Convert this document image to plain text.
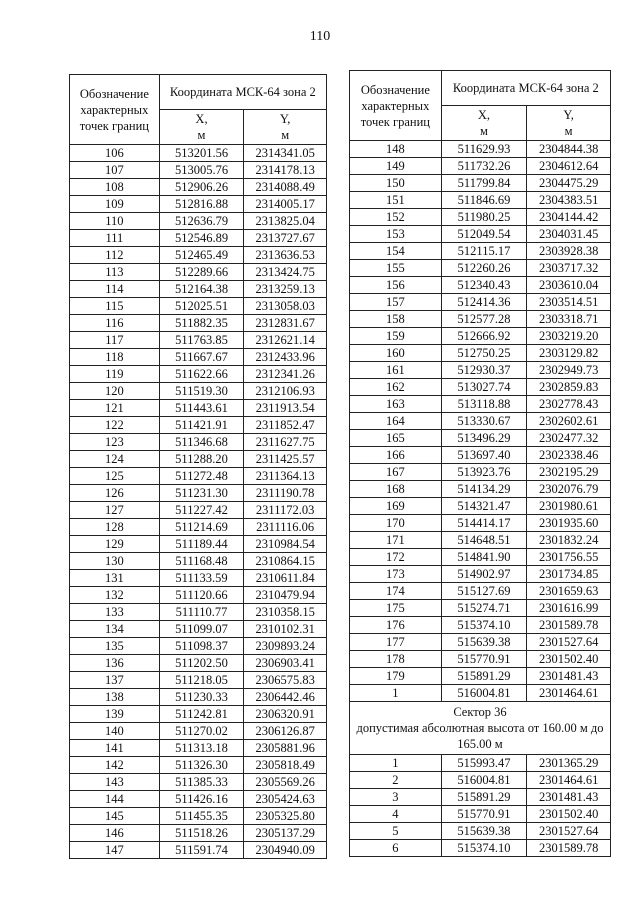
110
Обозначение характерных точек границ	Координата МСК-64 зона 2	
	X,
м	Y,
м
106	513201.56	2314341.05
107	513005.76	2314178.13
108	512906.26	2314088.49
109	512816.88	2314005.17
110	512636.79	2313825.04
111	512546.89	2313727.67
112	512465.49	2313636.53
113	512289.66	2313424.75
114	512164.38	2313259.13
115	512025.51	2313058.03
116	511882.35	2312831.67
117	511763.85	2312621.14
118	511667.67	2312433.96
119	511622.66	2312341.26
120	511519.30	2312106.93
121	511443.61	2311913.54
122	511421.91	2311852.47
123	511346.68	2311627.75
124	511288.20	2311425.57
125	511272.48	2311364.13
126	511231.30	2311190.78
127	511227.42	2311172.03
128	511214.69	2311116.06
129	511189.44	2310984.54
130	511168.48	2310864.15
131	511133.59	2310611.84
132	511120.66	2310479.94
133	511110.77	2310358.15
134	511099.07	2310102.31
135	511098.37	2309893.24
136	511202.50	2306903.41
137	511218.05	2306575.83
138	511230.33	2306442.46
139	511242.81	2306320.91
140	511270.02	2306126.87
141	511313.18	2305881.96
142	511326.30	2305818.49
143	511385.33	2305569.26
144	511426.16	2305424.63
145	511455.35	2305325.80
146	511518.26	2305137.29
147	511591.74	2304940.09
Обозначение характерных точек границ	Координата МСК-64 зона 2	
	X,
м	Y,
м
148	511629.93	2304844.38
149	511732.26	2304612.64
150	511799.84	2304475.29
151	511846.69	2304383.51
152	511980.25	2304144.42
153	512049.54	2304031.45
154	512115.17	2303928.38
155	512260.26	2303717.32
156	512340.43	2303610.04
157	512414.36	2303514.51
158	512577.28	2303318.71
159	512666.92	2303219.20
160	512750.25	2303129.82
161	512930.37	2302949.73
162	513027.74	2302859.83
163	513118.88	2302778.43
164	513330.67	2302602.61
165	513496.29	2302477.32
166	513697.40	2302338.46
167	513923.76	2302195.29
168	514134.29	2302076.79
169	514321.47	2301980.61
170	514414.17	2301935.60
171	514648.51	2301832.24
172	514841.90	2301756.55
173	514902.97	2301734.85
174	515127.69	2301659.63
175	515274.71	2301616.99
176	515374.10	2301589.78
177	515639.38	2301527.64
178	515770.91	2301502.40
179	515891.29	2301481.43
1	516004.81	2301464.61

Сектор 36
допустимая абсолютная высота от 160.00 м до 165.00 м		

1	515993.47	2301365.29
2	516004.81	2301464.61
3	515891.29	2301481.43
4	515770.91	2301502.40
5	515639.38	2301527.64
6	515374.10	2301589.78
